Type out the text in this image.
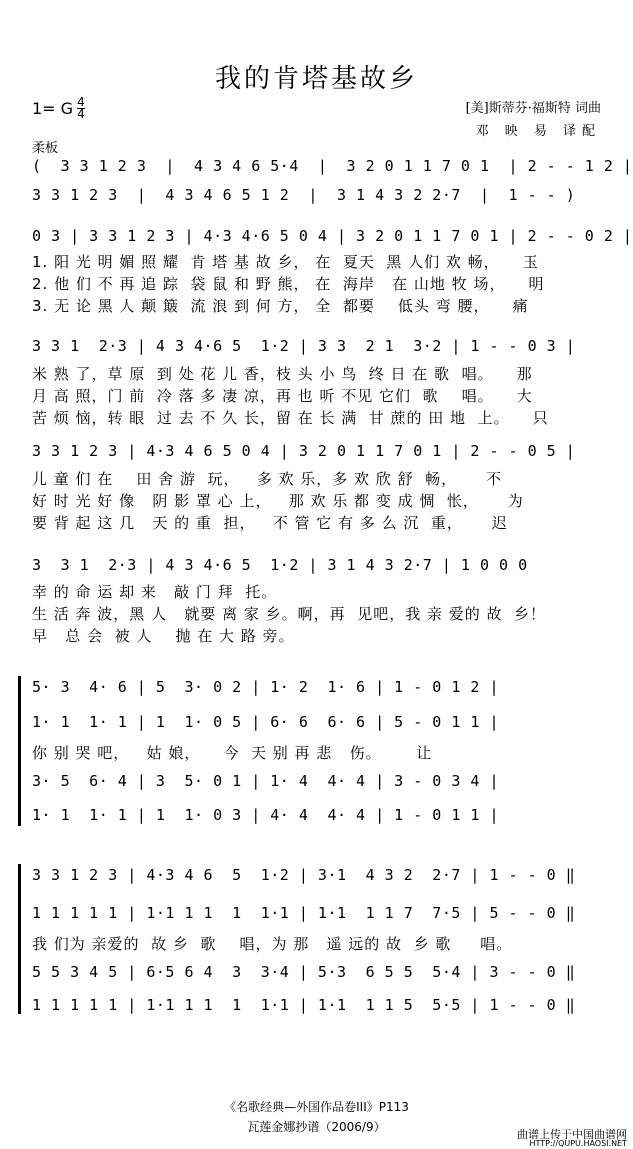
我的肯塔基故乡
1= G $\frac{4}{4}$	[美]斯蒂芬·福斯特 词曲
邓 映 易 译配
柔板
(  3 3 1 2 3  |  4 3 4 6 5·4  |  3 2 0 1 1 7 0 1  | 2 - - 1 2 |
3 3 1 2 3  |  4 3 4 6 5 1 2  |  3 1 4 3 2 2·7  |  1 - - )
0 3 | 3 3 1 2 3 | 4·3 4·6 5 0 4 | 3 2 0 1 1 7 0 1 | 2 - - 0 2 |
1. 阳 光 明 媚 照 耀  肯 塔 基 故 乡， 在  夏天  黑 人们 欢 畅，    玉
2. 他 们 不 再 追 踪  袋 鼠 和 野 熊， 在  海岸   在 山地 牧 场，    明
3. 无 论 黑 人 颠 簸  流 浪 到 何 方， 全  都要    低头 弯 腰，    痛
3 3 1  2·3 | 4 3 4·6 5  1·2 | 3 3  2 1  3·2 | 1 - - 0 3 |
米 熟 了，草 原  到 处 花 儿 香，枝 头 小 鸟  终 日 在 歌  唱。    那
月 高 照，门 前  冷 落 多 凄 凉，再 也 听 不见 它们  歌    唱。    大
苦 烦 恼，转 眼  过 去 不 久 长，留 在 长 满  甘 蔗的 田 地  上。    只
3 3 1 2 3 | 4·3 4 6 5 0 4 | 3 2 0 1 1 7 0 1 | 2 - - 0 5 |
儿 童 们 在    田 舍 游  玩，   多 欢 乐，多 欢 欣 舒  畅，     不
好 时 光 好 像   阴 影 罩 心 上，   那 欢 乐 都 变 成 惆  怅，     为
要 背 起 这 几   天 的 重  担，   不 管 它 有 多 么 沉  重，     迟
3  3 1  2·3 | 4 3 4·6 5  1·2 | 3 1 4 3 2·7 | 1 0 0 0
幸 的 命 运 却 来   敲 门 拜  托。
生 活 奔 波，黑 人   就要 离 家 乡。啊，再  见吧，我 亲 爱的 故  乡！
早   总 会  被 人    抛 在 大 路 旁。
5· 3  4· 6 | 5  3· 0 2 | 1· 2  1· 6 | 1 - 0 1 2 |
1· 1  1· 1 | 1  1· 0 5 | 6· 6  6· 6 | 5 - 0 1 1 |
你 别 哭 吧，   姑 娘，    今  天 别 再 悲   伤。      让
3· 5  6· 4 | 3  5· 0 1 | 1· 4  4· 4 | 3 - 0 3 4 |
1· 1  1· 1 | 1  1· 0 3 | 4· 4  4· 4 | 1 - 0 1 1 |
3 3 1 2 3 | 4·3 4 6  5  1·2 | 3·1  4 3 2  2·7 | 1 - - 0 ‖
1 1 1 1 1 | 1·1 1 1  1  1·1 | 1·1  1 1 7  7·5 | 5 - - 0 ‖
我 们为 亲爱的  故 乡  歌    唱，为 那   遥 远的 故  乡 歌     唱。
5 5 3 4 5 | 6·5 6 4  3  3·4 | 5·3  6 5 5  5·4 | 3 - - 0 ‖
1 1 1 1 1 | 1·1 1 1  1  1·1 | 1·1  1 1 5  5·5 | 1 - - 0 ‖
《名歌经典—外国作品卷III》P113
瓦莲金娜抄谱（2006/9）
曲谱上传于中国曲谱网
HTTP://QUPU.HAOSI.NET
